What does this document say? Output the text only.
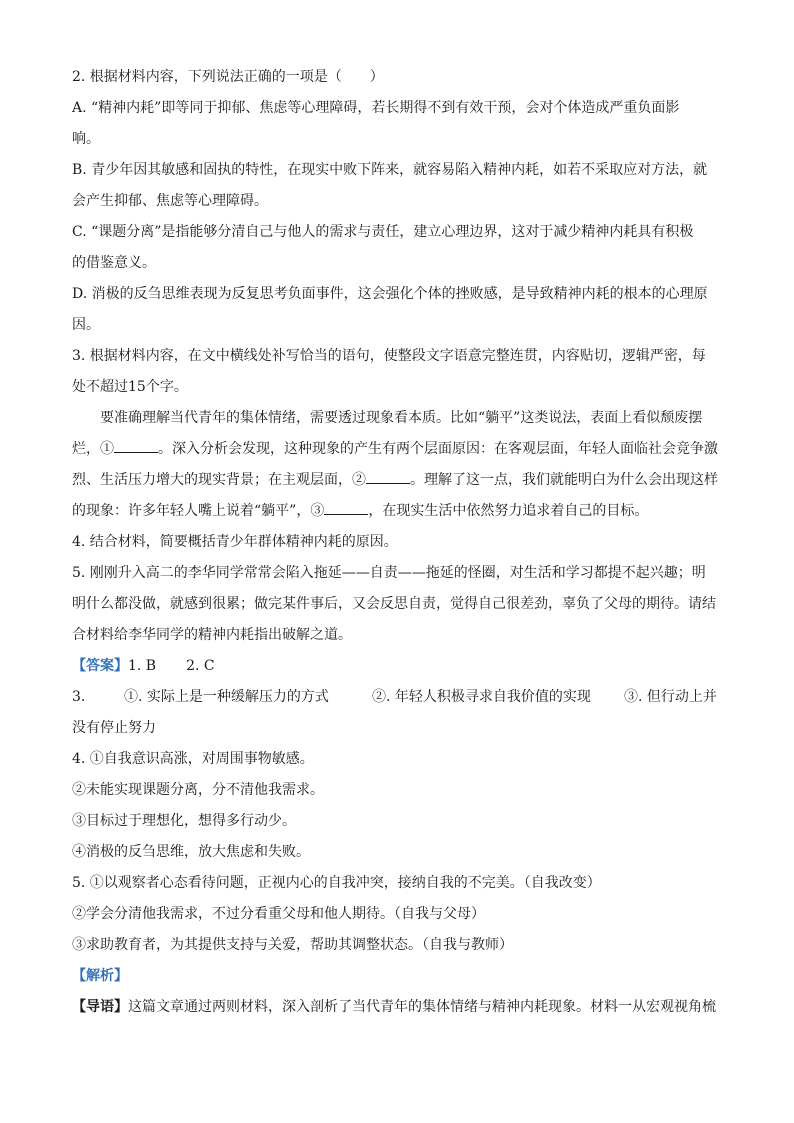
2. 根据材料内容，下列说法正确的一项是（　　）
A. “精神内耗”即等同于抑郁、焦虑等心理障碍，若长期得不到有效干预，会对个体造成严重负面影
响。
B. 青少年因其敏感和固执的特性，在现实中败下阵来，就容易陷入精神内耗，如若不采取应对方法，就
会产生抑郁、焦虑等心理障碍。
C. “课题分离”是指能够分清自己与他人的需求与责任，建立心理边界，这对于减少精神内耗具有积极
的借鉴意义。
D. 消极的反刍思维表现为反复思考负面事件，这会强化个体的挫败感，是导致精神内耗的根本的心理原
因。
3. 根据材料内容，在文中横线处补写恰当的语句，使整段文字语意完整连贯，内容贴切，逻辑严密，每
处不超过15个字。
要准确理解当代青年的集体情绪，需要透过现象看本质。比如“躺平”这类说法，表面上看似颓废摆
烂，①	。深入分析会发现，这种现象的产生有两个层面原因：在客观层面，年轻人面临社会竞争激
烈、生活压力增大的现实背景；在主观层面，②	。理解了这一点，我们就能明白为什么会出现这样
的现象：许多年轻人嘴上说着“躺平”，③	，在现实生活中依然努力追求着自己的目标。
4. 结合材料，简要概括青少年群体精神内耗的原因。
5. 刚刚升入高二的李华同学常常会陷入拖延——自责——拖延的怪圈，对生活和学习都提不起兴趣；明
明什么都没做，就感到很累；做完某件事后，又会反思自责，觉得自己很差劲，辜负了父母的期待。请结
合材料给李华同学的精神内耗指出破解之道。
【答案】1. B 2. C
3.	①. 实际上是一种缓解压力的方式	②. 年轻人积极寻求自我价值的实现	③. 但行动上并
没有停止努力
4. ①自我意识高涨，对周围事物敏感。
②未能实现课题分离，分不清他我需求。
③目标过于理想化，想得多行动少。
④消极的反刍思维，放大焦虑和失败。
5. ①以观察者心态看待问题，正视内心的自我冲突，接纳自我的不完美。（自我改变）
②学会分清他我需求，不过分看重父母和他人期待。（自我与父母）
③求助教育者，为其提供支持与关爱，帮助其调整状态。（自我与教师）
【解析】
【导语】这篇文章通过两则材料，深入剖析了当代青年的集体情绪与精神内耗现象。材料一从宏观视角梳
